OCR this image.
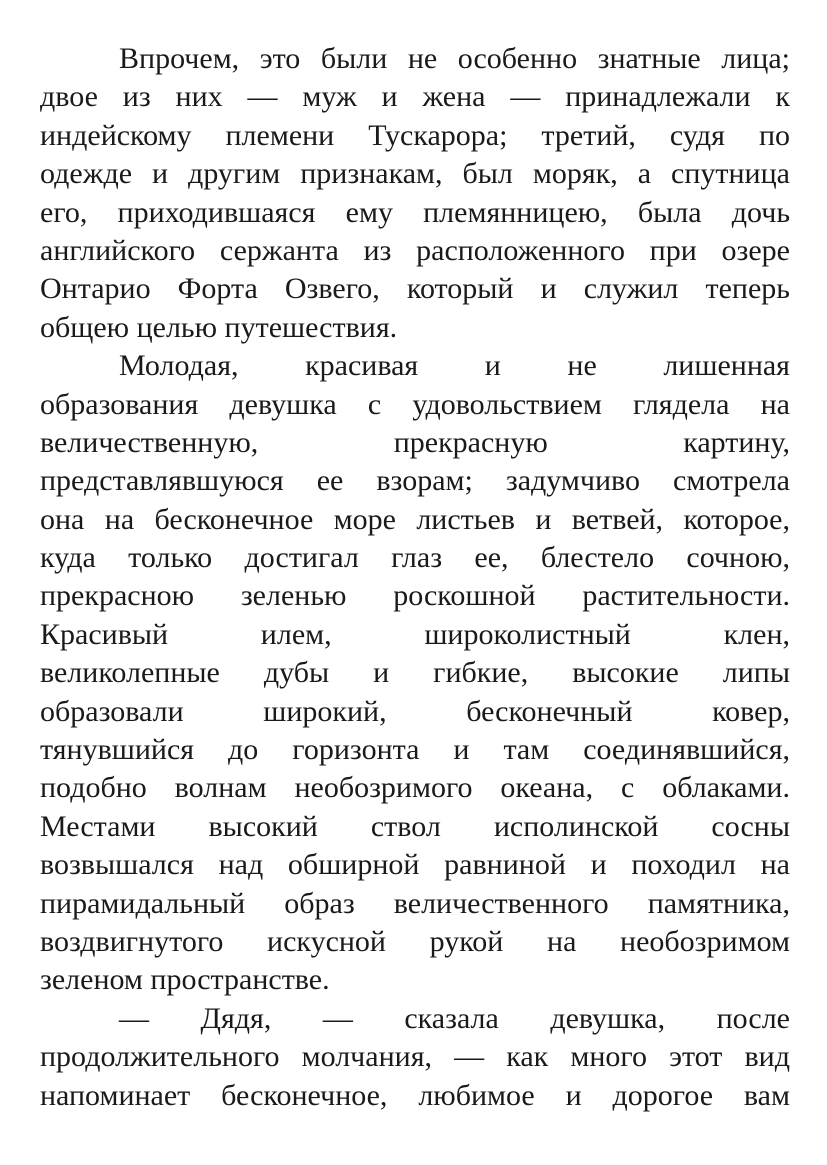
Впрочем, это были не особенно знатные лица;
двое из них — муж и жена — принадлежали к
индейскому племени Тускарора; третий, судя по
одежде и другим признакам, был моряк, а спутница
его, приходившаяся ему племянницею, была дочь
английского сержанта из расположенного при озере
Онтарио Форта Озвего, который и служил теперь
общею целью путешествия.
Молодая, красивая и не лишенная
образования девушка с удовольствием глядела на
величественную, прекрасную картину,
представлявшуюся ее взорам; задумчиво смотрела
она на бесконечное море листьев и ветвей, которое,
куда только достигал глаз ее, блестело сочною,
прекрасною зеленью роскошной растительности.
Красивый илем, широколистный клен,
великолепные дубы и гибкие, высокие липы
образовали широкий, бесконечный ковер,
тянувшийся до горизонта и там соединявшийся,
подобно волнам необозримого океана, с облаками.
Местами высокий ствол исполинской сосны
возвышался над обширной равниной и походил на
пирамидальный образ величественного памятника,
воздвигнутого искусной рукой на необозримом
зеленом пространстве.
— Дядя, — сказала девушка, после
продолжительного молчания, — как много этот вид
напоминает бесконечное, любимое и дорогое вам
